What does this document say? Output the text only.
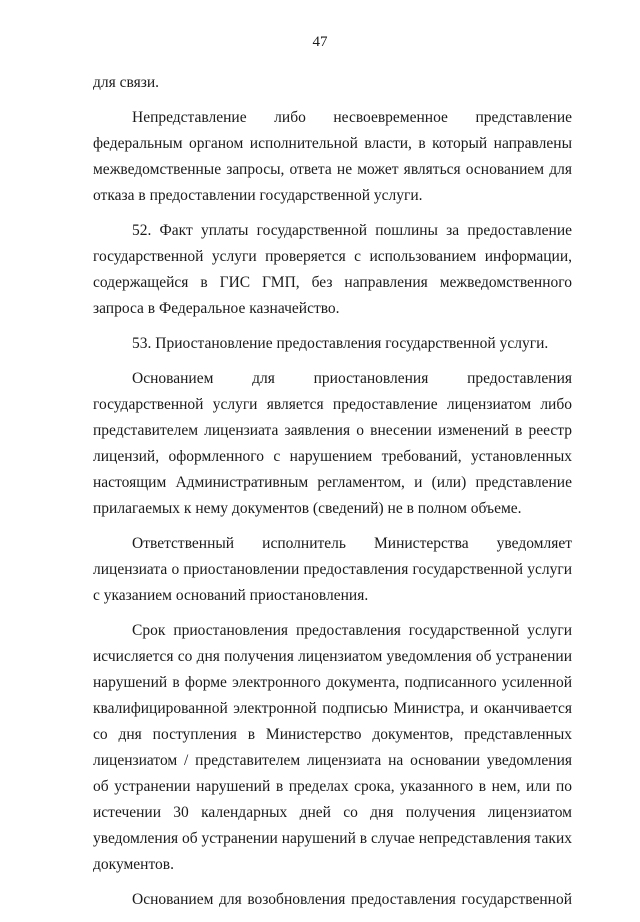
47

для связи.

Непредставление либо несвоевременное представление федеральным органом исполнительной власти, в который направлены межведомственные запросы, ответа не может являться основанием для отказа в предоставлении государственной услуги.

52. Факт уплаты государственной пошлины за предоставление государственной услуги проверяется с использованием информации, содержащейся в ГИС ГМП, без направления межведомственного запроса в Федеральное казначейство.

53. Приостановление предоставления государственной услуги.

Основанием для приостановления предоставления государственной услуги является предоставление лицензиатом либо представителем лицензиата заявления о внесении изменений в реестр лицензий, оформленного с нарушением требований, установленных настоящим Административным регламентом, и (или) представление прилагаемых к нему документов (сведений) не в полном объеме.

Ответственный исполнитель Министерства уведомляет лицензиата о приостановлении предоставления государственной услуги с указанием оснований приостановления.

Срок приостановления предоставления государственной услуги исчисляется со дня получения лицензиатом уведомления об устранении нарушений в форме электронного документа, подписанного усиленной квалифицированной электронной подписью Министра, и оканчивается со дня поступления в Министерство документов, представленных лицензиатом / представителем лицензиата на основании уведомления об устранении нарушений в пределах срока, указанного в нем, или по истечении 30 календарных дней со дня получения лицензиатом уведомления об устранении нарушений в случае непредставления таких документов.

Основанием для возобновления предоставления государственной
